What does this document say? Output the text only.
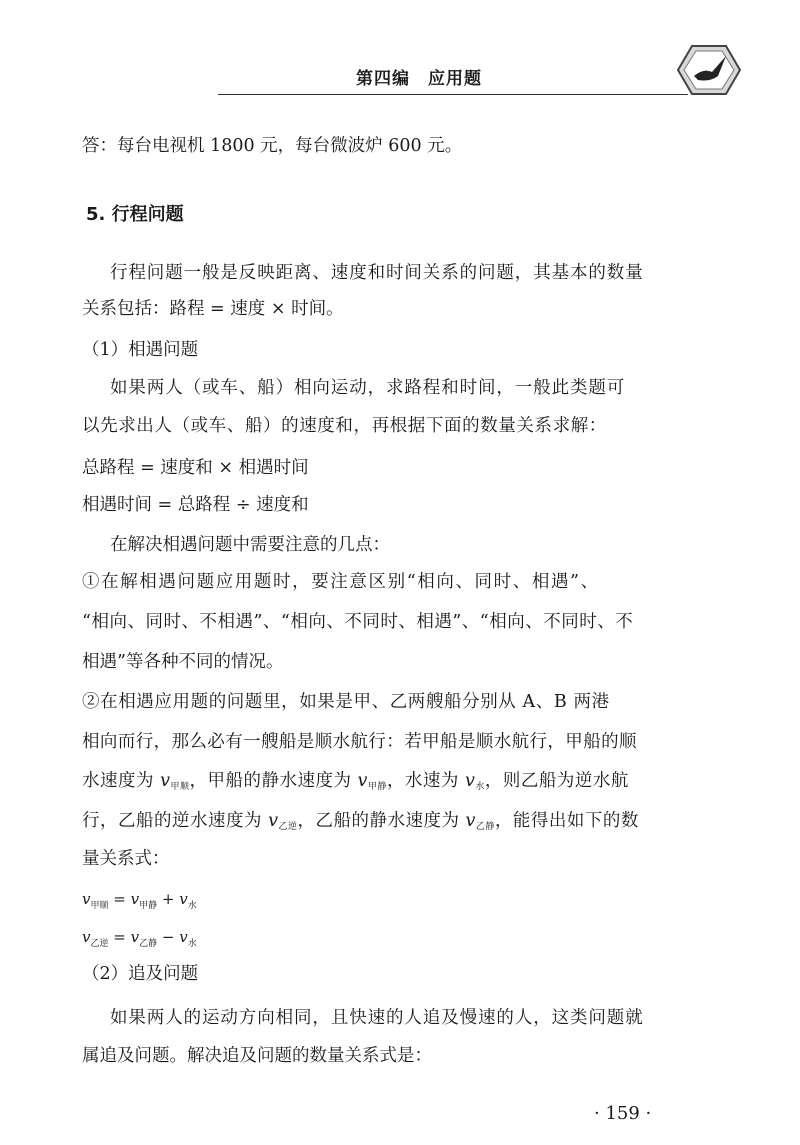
第四编　应用题

答：每台电视机 1800 元，每台微波炉 600 元。

5. 行程问题

行程问题一般是反映距离、速度和时间关系的问题，其基本的数量

关系包括：路程 = 速度 × 时间。

（1）相遇问题

如果两人（或车、船）相向运动，求路程和时间，一般此类题可

以先求出人（或车、船）的速度和，再根据下面的数量关系求解：

总路程 = 速度和 × 相遇时间

相遇时间 = 总路程 ÷ 速度和

在解决相遇问题中需要注意的几点：

①在解相遇问题应用题时，要注意区别“相向、同时、相遇”、

“相向、同时、不相遇”、“相向、不同时、相遇”、“相向、不同时、不

相遇”等各种不同的情况。

②在相遇应用题的问题里，如果是甲、乙两艘船分别从 A、B 两港

相向而行，那么必有一艘船是顺水航行：若甲船是顺水航行，甲船的顺

水速度为 v甲顺，甲船的静水速度为 v甲静，水速为 v水，则乙船为逆水航

行，乙船的逆水速度为 v乙逆，乙船的静水速度为 v乙静，能得出如下的数

量关系式：

$v_{甲顺} = v_{甲静} + v_水$
$v_{乙逆} = v_{乙静} - v_水$

（2）追及问题

如果两人的运动方向相同，且快速的人追及慢速的人，这类问题就

属追及问题。解决追及问题的数量关系式是：

· 159 ·
